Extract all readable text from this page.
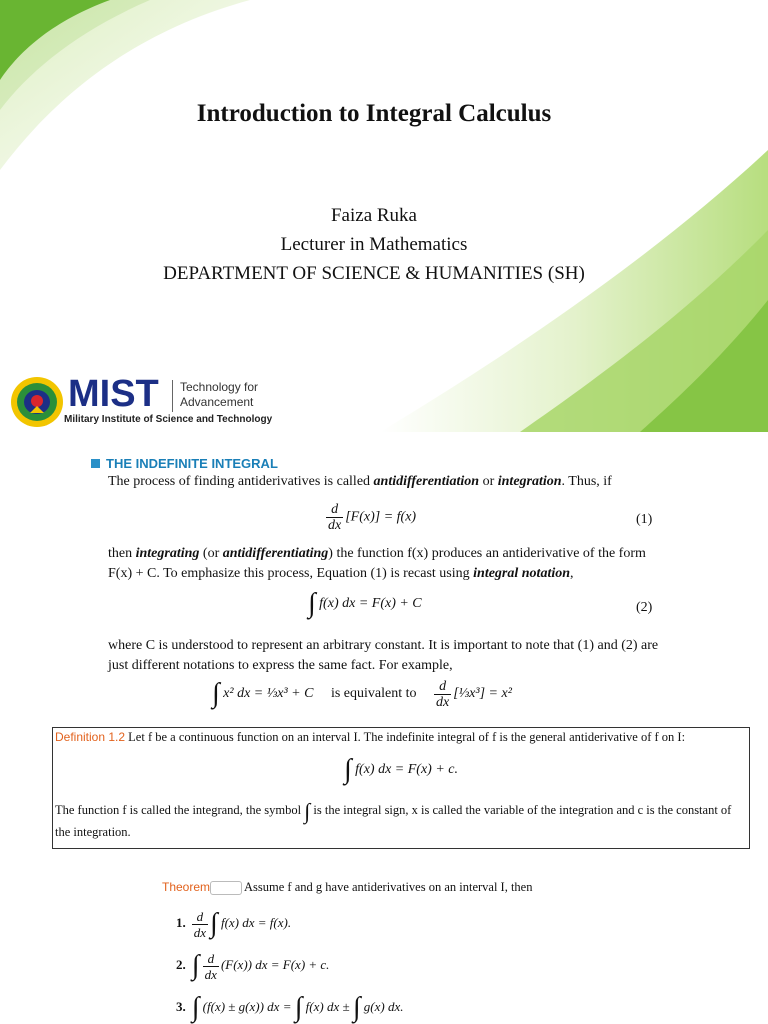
Introduction to Integral Calculus
Faiza Ruka
Lecturer in Mathematics
DEPARTMENT OF SCIENCE & HUMANITIES (SH)
MIST Technology for
Advancement
Military Institute of Science and Technology
THE INDEFINITE INTEGRAL
The process of finding antiderivatives is called antidifferentiation or integration. Thus, if
$\frac{d}{dx} [F(x)] = f(x)$	(1)
then integrating (or antidifferentiating) the function f(x) produces an antiderivative of the form F(x) + C. To emphasize this process, Equation (1) is recast using integral notation,
∫ f(x) dx = F(x) + C	(2)
where C is understood to represent an arbitrary constant. It is important to note that (1) and (2) are just different notations to express the same fact. For example,
∫ x² dx = ⅓x³ + C is equivalent to $\frac{d}{dx}$ [⅓x³] = x²
Definition 1.2 Let f be a continuous function on an interval I. The indefinite integral of f is the general antiderivative of f on I:
∫ f(x) dx = F(x) + c.
The function f is called the integrand, the symbol ∫ is the integral sign, x is called the variable of the integration and c is the constant of the integration.
Theorem	Assume f and g have antiderivatives on an interval I, then
1. $\frac{d}{dx}$ ∫ f(x) dx = f(x).
2. ∫ $\frac{d}{dx} (F(x))$ dx = F(x) + c.
3. ∫ (f(x) ± g(x)) dx = ∫ f(x) dx ± ∫ g(x) dx.
